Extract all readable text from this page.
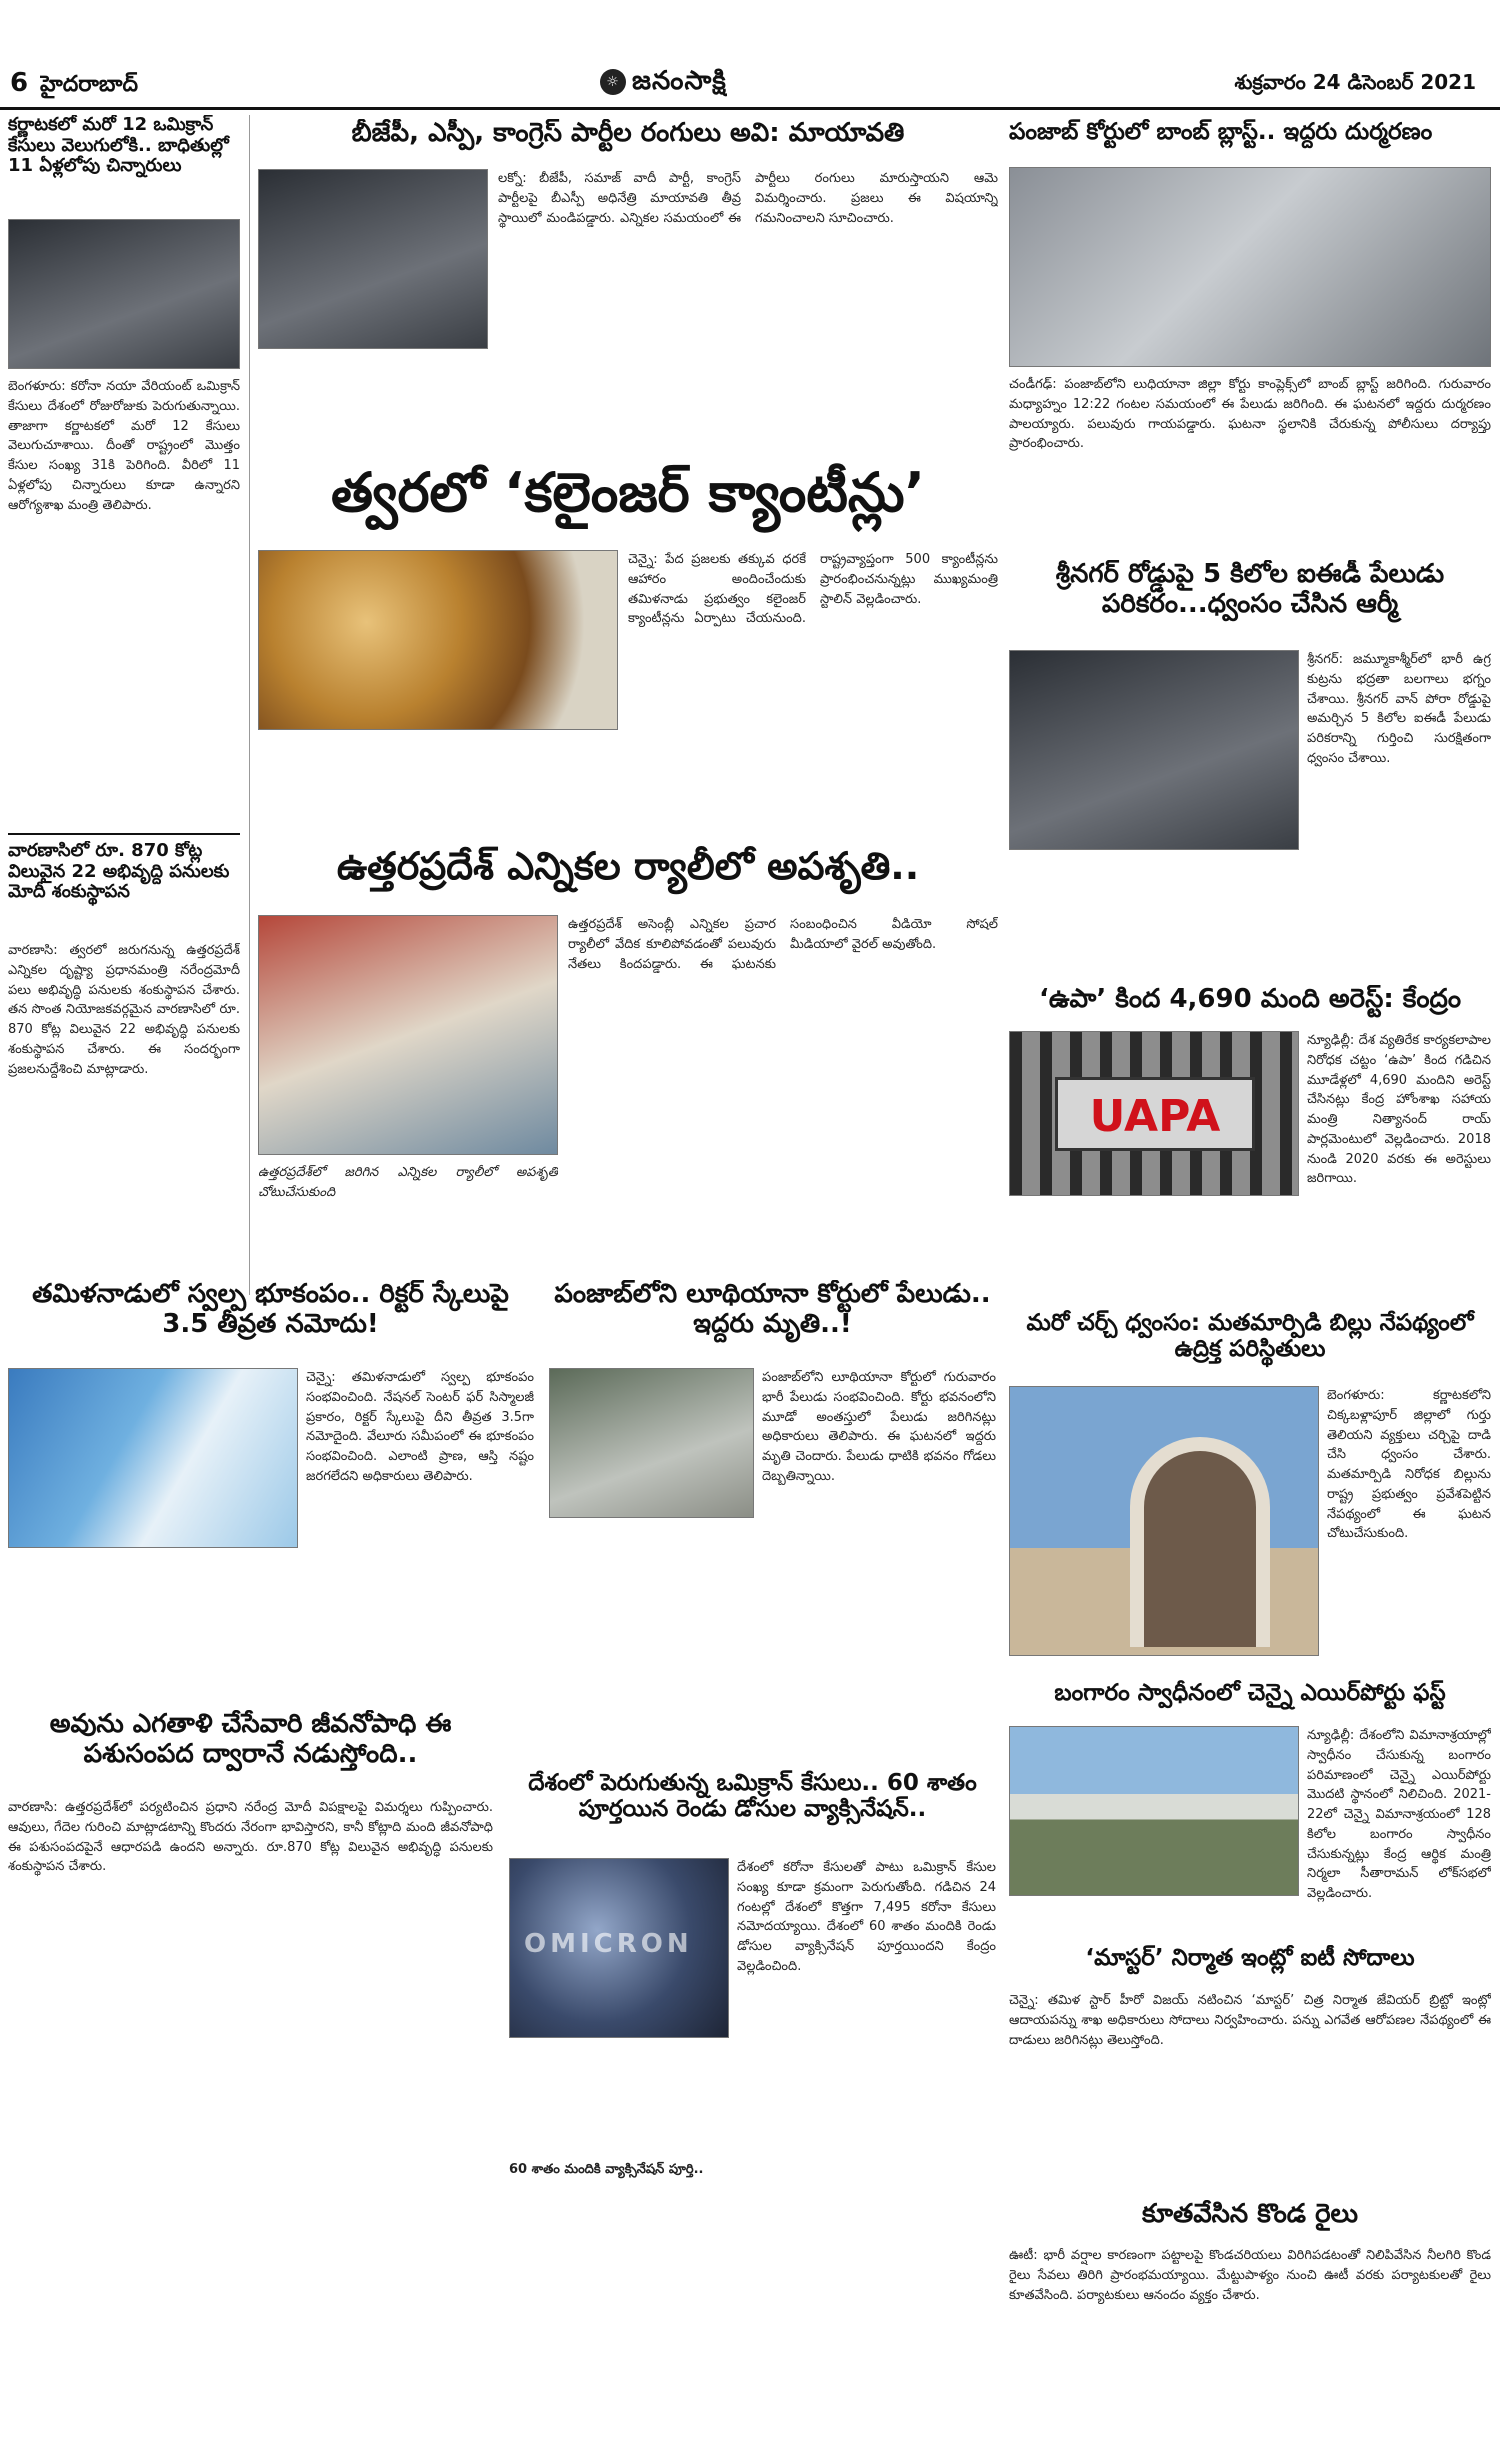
6 హైదరాబాద్	☼ జనంసాక్షి	శుక్రవారం 24 డిసెంబర్ 2021
కర్ణాటకలో మరో 12 ఒమిక్రాన్ కేసులు వెలుగులోకి.. బాధితుల్లో 11 ఏళ్లలోపు చిన్నారులు
బెంగళూరు: కరోనా నయా వేరియంట్ ఒమిక్రాన్ కేసులు దేశంలో రోజురోజుకు పెరుగుతున్నాయి. తాజాగా కర్ణాటకలో మరో 12 కేసులు వెలుగుచూశాయి. దీంతో రాష్ట్రంలో మొత్తం కేసుల సంఖ్య 31కి పెరిగింది. వీరిలో 11 ఏళ్లలోపు చిన్నారులు కూడా ఉన్నారని ఆరోగ్యశాఖ మంత్రి తెలిపారు.
వారణాసిలో రూ. 870 కోట్ల విలువైన 22 అభివృద్ది పనులకు మోదీ శంకుస్థాపన
వారణాసి: త్వరలో జరుగనున్న ఉత్తరప్రదేశ్ ఎన్నికల దృష్ట్యా ప్రధానమంత్రి నరేంద్రమోదీ పలు అభివృద్ధి పనులకు శంకుస్థాపన చేశారు. తన సొంత నియోజకవర్గమైన వారణాసిలో రూ. 870 కోట్ల విలువైన 22 అభివృద్ధి పనులకు శంకుస్థాపన చేశారు. ఈ సందర్భంగా ప్రజలనుద్దేశించి మాట్లాడారు.
బీజేపీ, ఎస్పీ, కాంగ్రెస్ పార్టీల రంగులు అవి: మాయావతి
లక్నో: బీజేపీ, సమాజ్ వాదీ పార్టీ, కాంగ్రెస్ పార్టీలపై బీఎస్పీ అధినేత్రి మాయావతి తీవ్ర స్థాయిలో మండిపడ్డారు. ఎన్నికల సమయంలో ఈ పార్టీలు రంగులు మారుస్తాయని ఆమె విమర్శించారు. ప్రజలు ఈ విషయాన్ని గమనించాలని సూచించారు.
త్వరలో ‘కలైంజర్ క్యాంటీన్లు’
చెన్నై: పేద ప్రజలకు తక్కువ ధరకే ఆహారం అందించేందుకు తమిళనాడు ప్రభుత్వం కలైంజర్ క్యాంటీన్లను ఏర్పాటు చేయనుంది. రాష్ట్రవ్యాప్తంగా 500 క్యాంటీన్లను ప్రారంభించనున్నట్లు ముఖ్యమంత్రి స్టాలిన్ వెల్లడించారు.
ఉత్తరప్రదేశ్ ఎన్నికల ర్యాలీలో అపశృతి..
ఉత్తరప్రదేశ్‌లో జరిగిన ఎన్నికల ర్యాలీలో అపశృతి చోటుచేసుకుంది
ఉత్తరప్రదేశ్ అసెంబ్లీ ఎన్నికల ప్రచార ర్యాలీలో వేదిక కూలిపోవడంతో పలువురు నేతలు కిందపడ్డారు. ఈ ఘటనకు సంబంధించిన వీడియో సోషల్ మీడియాలో వైరల్ అవుతోంది.
పంజాబ్ కోర్టులో బాంబ్ బ్లాస్ట్.. ఇద్దరు దుర్మరణం
చండీగఢ్: పంజాబ్‌లోని లుధియానా జిల్లా కోర్టు కాంప్లెక్స్‌లో బాంబ్ బ్లాస్ట్ జరిగింది. గురువారం మధ్యాహ్నం 12:22 గంటల సమయంలో ఈ పేలుడు జరిగింది. ఈ ఘటనలో ఇద్దరు దుర్మరణం పాలయ్యారు. పలువురు గాయపడ్డారు. ఘటనా స్థలానికి చేరుకున్న పోలీసులు దర్యాప్తు ప్రారంభించారు.
శ్రీనగర్ రోడ్డుపై 5 కిలోల ఐఈడీ పేలుడు పరికరం...ధ్వంసం చేసిన ఆర్మీ
శ్రీనగర్: జమ్మూకాశ్మీర్‌లో భారీ ఉగ్ర కుట్రను భద్రతా బలగాలు భగ్నం చేశాయి. శ్రీనగర్ వాన్ పోరా రోడ్డుపై అమర్చిన 5 కిలోల ఐఈడీ పేలుడు పరికరాన్ని గుర్తించి సురక్షితంగా ధ్వంసం చేశాయి.
‘ఉపా’ కింద 4,690 మంది అరెస్ట్: కేంద్రం
UAPA
న్యూఢిల్లీ: దేశ వ్యతిరేక కార్యకలాపాల నిరోధక చట్టం ‘ఉపా’ కింద గడిచిన మూడేళ్లలో 4,690 మందిని అరెస్ట్ చేసినట్లు కేంద్ర హోంశాఖ సహాయ మంత్రి నిత్యానంద్ రాయ్ పార్లమెంటులో వెల్లడించారు. 2018 నుండి 2020 వరకు ఈ అరెస్టులు జరిగాయి.
మరో చర్చ్ ధ్వంసం: మతమార్పిడి బిల్లు నేపథ్యంలో ఉద్రిక్త పరిస్థితులు
బెంగళూరు: కర్ణాటకలోని చిక్కబళ్లాపూర్ జిల్లాలో గుర్తు తెలియని వ్యక్తులు చర్చిపై దాడి చేసి ధ్వంసం చేశారు. మతమార్పిడి నిరోధక బిల్లును రాష్ట్ర ప్రభుత్వం ప్రవేశపెట్టిన నేపథ్యంలో ఈ ఘటన చోటుచేసుకుంది.
తమిళనాడులో స్వల్ప భూకంపం.. రిక్టర్ స్కేలుపై 3.5 తీవ్రత నమోదు!
చెన్నై: తమిళనాడులో స్వల్ప భూకంపం సంభవించింది. నేషనల్ సెంటర్ ఫర్ సిస్మాలజీ ప్రకారం, రిక్టర్ స్కేలుపై దీని తీవ్రత 3.5గా నమోదైంది. వేలూరు సమీపంలో ఈ భూకంపం సంభవించింది. ఎలాంటి ప్రాణ, ఆస్తి నష్టం జరగలేదని అధికారులు తెలిపారు.
పంజాబ్‌లోని లూథియానా కోర్టులో పేలుడు.. ఇద్దరు మృతి..!
పంజాబ్‌లోని లూథియానా కోర్టులో గురువారం భారీ పేలుడు సంభవించింది. కోర్టు భవనంలోని మూడో అంతస్తులో పేలుడు జరిగినట్లు అధికారులు తెలిపారు. ఈ ఘటనలో ఇద్దరు మృతి చెందారు. పేలుడు ధాటికి భవనం గోడలు దెబ్బతిన్నాయి.
దేశంలో పెరుగుతున్న ఒమిక్రాన్ కేసులు.. 60 శాతం పూర్తయిన రెండు డోసుల వ్యాక్సినేషన్..
OMICRON
దేశంలో కరోనా కేసులతో పాటు ఒమిక్రాన్ కేసుల సంఖ్య కూడా క్రమంగా పెరుగుతోంది. గడిచిన 24 గంటల్లో దేశంలో కొత్తగా 7,495 కరోనా కేసులు నమోదయ్యాయి. దేశంలో 60 శాతం మందికి రెండు డోసుల వ్యాక్సినేషన్ పూర్తయిందని కేంద్రం వెల్లడించింది.
60 శాతం మందికి వ్యాక్సినేషన్ పూర్తి..
అవును ఎగతాళి చేసేవారి జీవనోపాధి ఈ పశుసంపద ద్వారానే నడుస్తోంది..
వారణాసి: ఉత్తరప్రదేశ్‌లో పర్యటించిన ప్రధాని నరేంద్ర మోదీ విపక్షాలపై విమర్శలు గుప్పించారు. ఆవులు, గేదెల గురించి మాట్లాడటాన్ని కొందరు నేరంగా భావిస్తారని, కానీ కోట్లాది మంది జీవనోపాధి ఈ పశుసంపదపైనే ఆధారపడి ఉందని అన్నారు. రూ.870 కోట్ల విలువైన అభివృద్ధి పనులకు శంకుస్థాపన చేశారు.
బంగారం స్వాధీనంలో చెన్నై ఎయిర్‌పోర్టు ఫస్ట్
న్యూఢిల్లీ: దేశంలోని విమానాశ్రయాల్లో స్వాధీనం చేసుకున్న బంగారం పరిమాణంలో చెన్నై ఎయిర్‌పోర్టు మొదటి స్థానంలో నిలిచింది. 2021-22లో చెన్నై విమానాశ్రయంలో 128 కిలోల బంగారం స్వాధీనం చేసుకున్నట్లు కేంద్ర ఆర్థిక మంత్రి నిర్మలా సీతారామన్ లోక్‌సభలో వెల్లడించారు.
‘మాస్టర్’ నిర్మాత ఇంట్లో ఐటీ సోదాలు
చెన్నై: తమిళ స్టార్ హీరో విజయ్ నటించిన ‘మాస్టర్’ చిత్ర నిర్మాత జేవియర్ బ్రిట్టో ఇంట్లో ఆదాయపన్ను శాఖ అధికారులు సోదాలు నిర్వహించారు. పన్ను ఎగవేత ఆరోపణల నేపథ్యంలో ఈ దాడులు జరిగినట్లు తెలుస్తోంది.
కూతవేసిన కొండ రైలు
ఊటీ: భారీ వర్షాల కారణంగా పట్టాలపై కొండచరియలు విరిగిపడటంతో నిలిపివేసిన నీలగిరి కొండ రైలు సేవలు తిరిగి ప్రారంభమయ్యాయి. మేట్టుపాళ్యం నుంచి ఊటీ వరకు పర్యాటకులతో రైలు కూతవేసింది. పర్యాటకులు ఆనందం వ్యక్తం చేశారు.
